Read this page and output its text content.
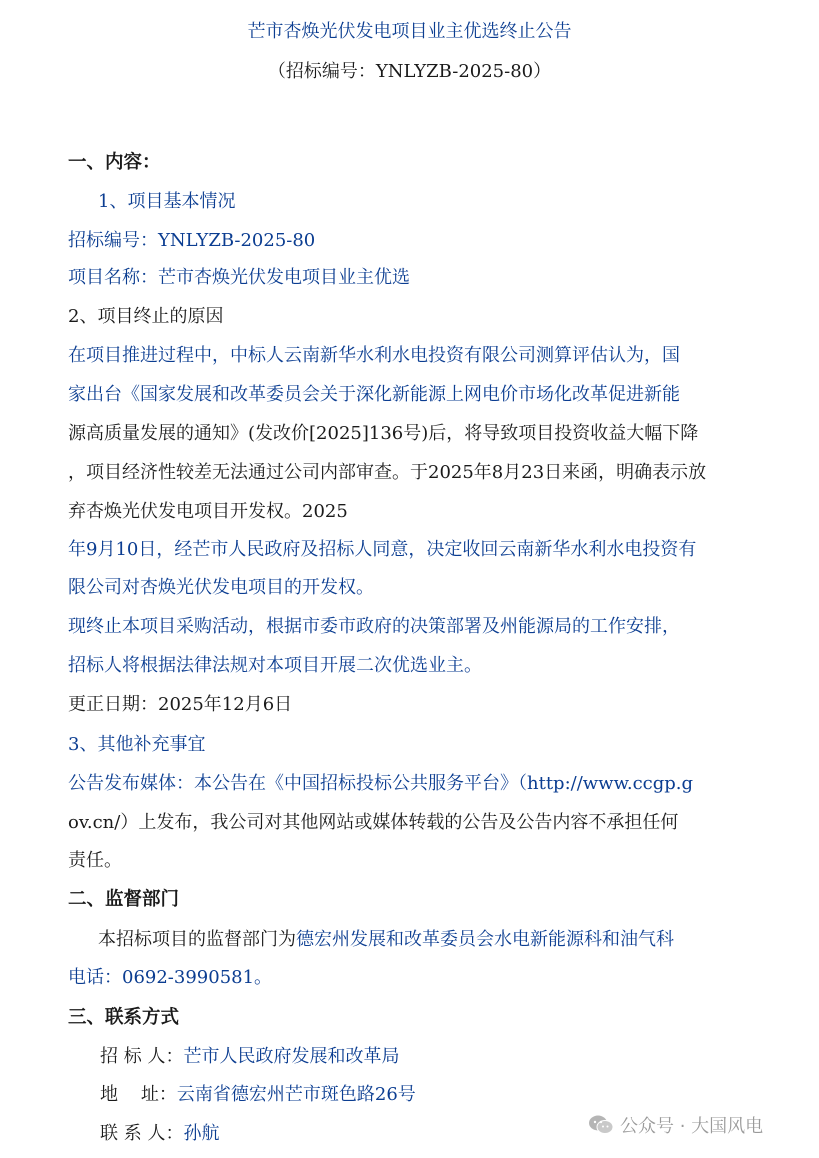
芒市杏焕光伏发电项目业主优选终止公告
（招标编号：YNLYZB-2025-80）
一、内容：
1、项目基本情况
招标编号：YNLYZB-2025-80
项目名称：芒市杏焕光伏发电项目业主优选
2、项目终止的原因
在项目推进过程中，中标人云南新华水利水电投资有限公司测算评估认为，国
家出台《国家发展和改革委员会关于深化新能源上网电价市场化改革促进新能
源高质量发展的通知》(发改价[2025]136号)后，将导致项目投资收益大幅下降
，项目经济性较差无法通过公司内部审查。于2025年8月23日来函，明确表示放
弃杏焕光伏发电项目开发权。2025
年9月10日，经芒市人民政府及招标人同意，决定收回云南新华水利水电投资有
限公司对杏焕光伏发电项目的开发权。
现终止本项目采购活动，根据市委市政府的决策部署及州能源局的工作安排，
招标人将根据法律法规对本项目开展二次优选业主。
更正日期：2025年12月6日
3、其他补充事宜
公告发布媒体：本公告在《中国招标投标公共服务平台》（http://www.ccgp.g
ov.cn/）上发布，我公司对其他网站或媒体转载的公告及公告内容不承担任何
责任。
二、监督部门
本招标项目的监督部门为德宏州发展和改革委员会水电新能源科和油气科
电话：0692-3990581。
三、联系方式
招 标 人：芒市人民政府发展和改革局
地    址：云南省德宏州芒市斑色路26号
联 系 人：孙航	公众号 · 大国风电
